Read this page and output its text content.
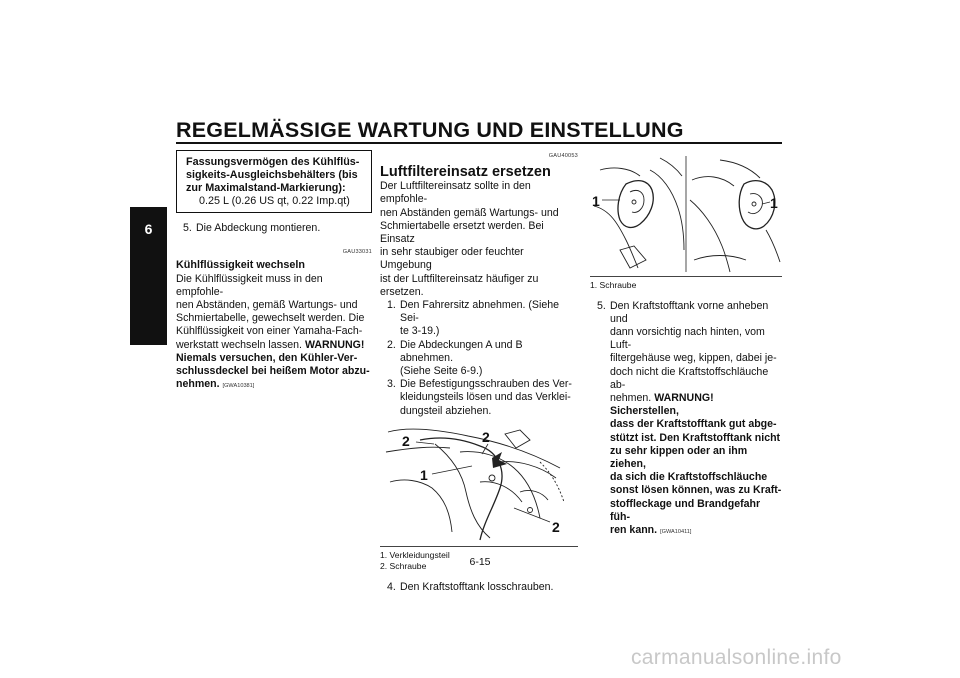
REGELMÄSSIGE WARTUNG UND EINSTELLUNG
6
Fassungsvermögen des Kühlflüs-
sigkeits-Ausgleichsbehälters (bis
zur Maximalstand-Markierung):
0.25 L (0.26 US qt, 0.22 Imp.qt)

5. Die Abdeckung montieren.

GAU33031
Kühlflüssigkeit wechseln

Die Kühlflüssigkeit muss in den empfohle-
nen Abständen, gemäß Wartungs- und
Schmiertabelle, gewechselt werden. Die
Kühlflüssigkeit von einer Yamaha-Fach-
werkstatt wechseln lassen. WARNUNG!
Niemals versuchen, den Kühler-Ver-
schlussdeckel bei heißem Motor abzu-
nehmen. [GWA10381]

GAU40053
Luftfiltereinsatz ersetzen

Der Luftfiltereinsatz sollte in den empfohle-
nen Abständen gemäß Wartungs- und
Schmiertabelle ersetzt werden. Bei Einsatz
in sehr staubiger oder feuchter Umgebung
ist der Luftfiltereinsatz häufiger zu ersetzen.

1. Den Fahrersitz abnehmen. (Siehe Sei-
te 3-19.)

2. Die Abdeckungen A und B abnehmen.
(Siehe Seite 6-9.)

3. Die Befestigungsschrauben des Ver-
kleidungsteils lösen und das Verklei-
dungsteil abziehen.

2	2
1
2
1. Verkleidungsteil
2. Schraube

4. Den Kraftstofftank losschrauben.

1	1
1. Schraube

5. Den Kraftstofftank vorne anheben und
dann vorsichtig nach hinten, vom Luft-
filtergehäuse weg, kippen, dabei je-
doch nicht die Kraftstoffschläuche ab-
nehmen. WARNUNG! Sicherstellen,
dass der Kraftstofftank gut abge-
stützt ist. Den Kraftstofftank nicht
zu sehr kippen oder an ihm ziehen,
da sich die Kraftstoffschläuche
sonst lösen können, was zu Kraft-
stoffleckage und Brandgefahr füh-
ren kann. [GWA10411]

6-15
carmanualsonline.info
